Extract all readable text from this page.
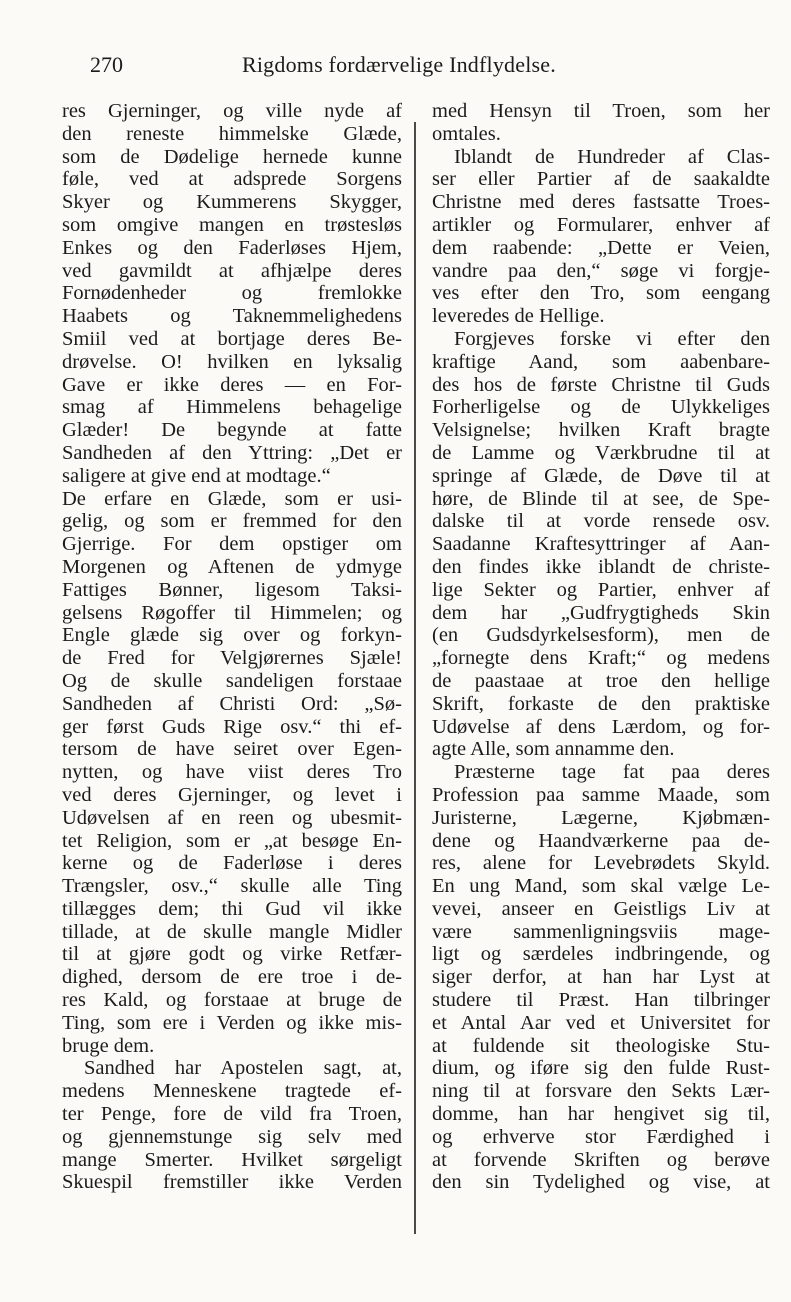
270	Rigdoms fordærvelige Indflydelse.
res Gjerninger, og ville nyde af
den reneste himmelske Glæde,
som de Dødelige hernede kunne
føle, ved at adsprede Sorgens
Skyer og Kummerens Skygger,
som omgive mangen en trøstesløs
Enkes og den Faderløses Hjem,
ved gavmildt at afhjælpe deres
Fornødenheder og fremlokke
Haabets og Taknemmelighedens
Smiil ved at bortjage deres Be-
drøvelse. O! hvilken en lyksalig
Gave er ikke deres — en For-
smag af Himmelens behagelige
Glæder! De begynde at fatte
Sandheden af den Yttring: „Det er
saligere at give end at modtage.“
De erfare en Glæde, som er usi-
gelig, og som er fremmed for den
Gjerrige. For dem opstiger om
Morgenen og Aftenen de ydmyge
Fattiges Bønner, ligesom Taksi-
gelsens Røgoffer til Himmelen; og
Engle glæde sig over og forkyn-
de Fred for Velgjørernes Sjæle!
Og de skulle sandeligen forstaae
Sandheden af Christi Ord: „Sø-
ger først Guds Rige osv.“ thi ef-
tersom de have seiret over Egen-
nytten, og have viist deres Tro
ved deres Gjerninger, og levet i
Udøvelsen af en reen og ubesmit-
tet Religion, som er „at besøge En-
kerne og de Faderløse i deres
Trængsler, osv.,“ skulle alle Ting
tillægges dem; thi Gud vil ikke
tillade, at de skulle mangle Midler
til at gjøre godt og virke Retfær-
dighed, dersom de ere troe i de-
res Kald, og forstaae at bruge de
Ting, som ere i Verden og ikke mis-
bruge dem.
Sandhed har Apostelen sagt, at,
medens Menneskene tragtede ef-
ter Penge, fore de vild fra Troen,
og gjennemstunge sig selv med
mange Smerter. Hvilket sørgeligt
Skuespil fremstiller ikke Verden
med Hensyn til Troen, som her
omtales.
Iblandt de Hundreder af Clas-
ser eller Partier af de saakaldte
Christne med deres fastsatte Troes-
artikler og Formularer, enhver af
dem raabende: „Dette er Veien,
vandre paa den,“ søge vi forgje-
ves efter den Tro, som eengang
leveredes de Hellige.
Forgjeves forske vi efter den
kraftige Aand, som aabenbare-
des hos de første Christne til Guds
Forherligelse og de Ulykkeliges
Velsignelse; hvilken Kraft bragte
de Lamme og Værkbrudne til at
springe af Glæde, de Døve til at
høre, de Blinde til at see, de Spe-
dalske til at vorde rensede osv.
Saadanne Kraftesyttringer af Aan-
den findes ikke iblandt de christe-
lige Sekter og Partier, enhver af
dem har „Gudfrygtigheds Skin
(en Gudsdyrkelsesform), men de
„fornegte dens Kraft;“ og medens
de paastaae at troe den hellige
Skrift, forkaste de den praktiske
Udøvelse af dens Lærdom, og for-
agte Alle, som annamme den.
Præsterne tage fat paa deres
Profession paa samme Maade, som
Juristerne, Lægerne, Kjøbmæn-
dene og Haandværkerne paa de-
res, alene for Levebrødets Skyld.
En ung Mand, som skal vælge Le-
vevei, anseer en Geistligs Liv at
være sammenligningsviis mage-
ligt og særdeles indbringende, og
siger derfor, at han har Lyst at
studere til Præst. Han tilbringer
et Antal Aar ved et Universitet for
at fuldende sit theologiske Stu-
dium, og iføre sig den fulde Rust-
ning til at forsvare den Sekts Lær-
domme, han har hengivet sig til,
og erhverve stor Færdighed i
at forvende Skriften og berøve
den sin Tydelighed og vise, at
